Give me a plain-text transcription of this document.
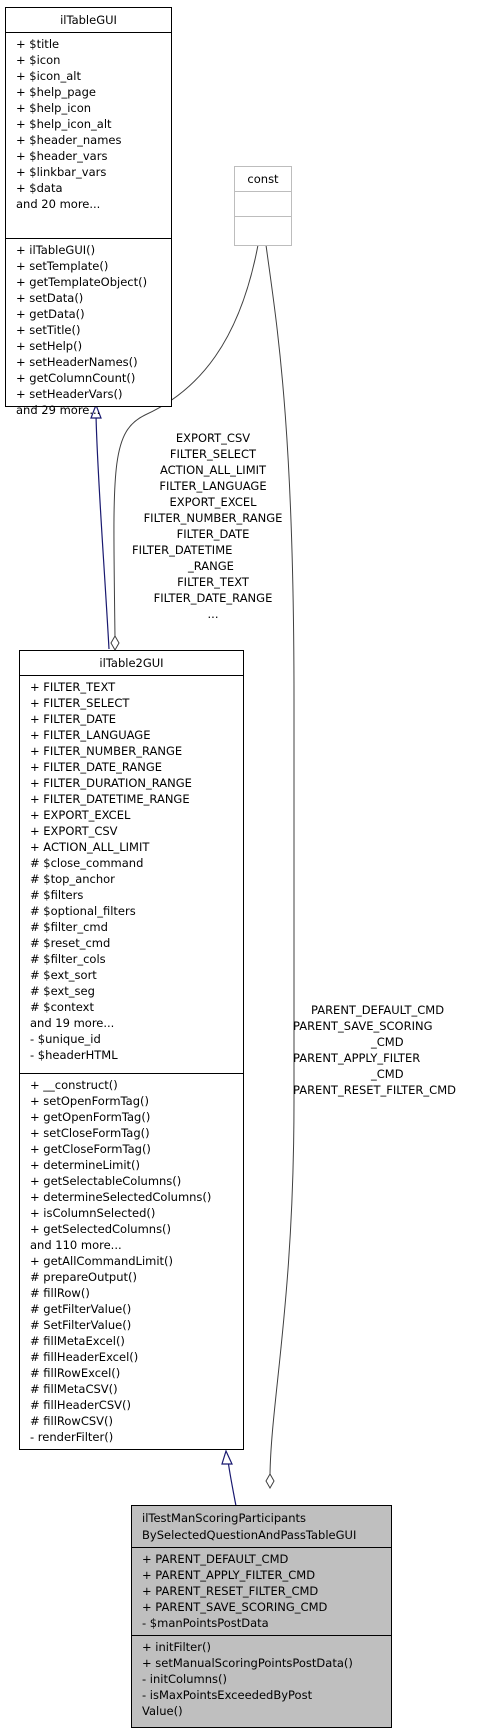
ilTableGUI
+ $title
+ $icon
+ $icon_alt
+ $help_page
+ $help_icon
+ $help_icon_alt
+ $header_names
+ $header_vars
+ $linkbar_vars
+ $data
and 20 more...
+ ilTableGUI()
+ setTemplate()
+ getTemplateObject()
+ setData()
+ getData()
+ setTitle()
+ setHelp()
+ setHeaderNames()
+ getColumnCount()
+ setHeaderVars()
and 29 more...
const
EXPORT_CSV
FILTER_SELECT
ACTION_ALL_LIMIT
FILTER_LANGUAGE
EXPORT_EXCEL
FILTER_NUMBER_RANGE
FILTER_DATE
FILTER_DATETIME
_RANGE
FILTER_TEXT
FILTER_DATE_RANGE
...
ilTable2GUI
+ FILTER_TEXT
+ FILTER_SELECT
+ FILTER_DATE
+ FILTER_LANGUAGE
+ FILTER_NUMBER_RANGE
+ FILTER_DATE_RANGE
+ FILTER_DURATION_RANGE
+ FILTER_DATETIME_RANGE
+ EXPORT_EXCEL
+ EXPORT_CSV
+ ACTION_ALL_LIMIT
# $close_command
# $top_anchor
# $filters
# $optional_filters
# $filter_cmd
# $reset_cmd
# $filter_cols
# $ext_sort
# $ext_seg
# $context
and 19 more...
- $unique_id
- $headerHTML
+ __construct()
+ setOpenFormTag()
+ getOpenFormTag()
+ setCloseFormTag()
+ getCloseFormTag()
+ determineLimit()
+ getSelectableColumns()
+ determineSelectedColumns()
+ isColumnSelected()
+ getSelectedColumns()
and 110 more...
+ getAllCommandLimit()
# prepareOutput()
# fillRow()
# getFilterValue()
# SetFilterValue()
# fillMetaExcel()
# fillHeaderExcel()
# fillRowExcel()
# fillMetaCSV()
# fillHeaderCSV()
# fillRowCSV()
- renderFilter()
PARENT_DEFAULT_CMD
PARENT_SAVE_SCORING
_CMD
PARENT_APPLY_FILTER
_CMD
PARENT_RESET_FILTER_CMD
ilTestManScoringParticipants
BySelectedQuestionAndPassTableGUI
+ PARENT_DEFAULT_CMD
+ PARENT_APPLY_FILTER_CMD
+ PARENT_RESET_FILTER_CMD
+ PARENT_SAVE_SCORING_CMD
- $manPointsPostData
+ initFilter()
+ setManualScoringPointsPostData()
- initColumns()
- isMaxPointsExceededByPost
Value()
